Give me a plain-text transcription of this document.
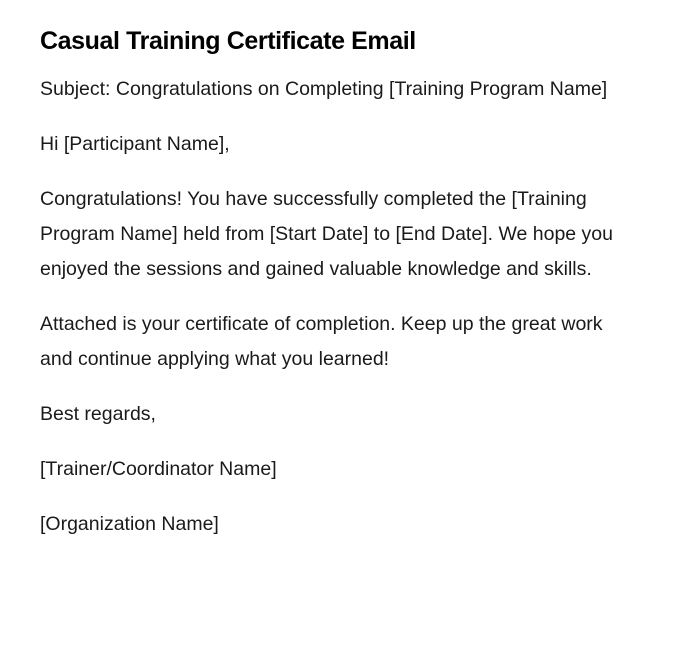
Casual Training Certificate Email

Subject: Congratulations on Completing [Training Program Name]

Hi [Participant Name],

Congratulations! You have successfully completed the [Training Program Name] held from [Start Date] to [End Date]. We hope you enjoyed the sessions and gained valuable knowledge and skills.

Attached is your certificate of completion. Keep up the great work and continue applying what you learned!

Best regards,

[Trainer/Coordinator Name]

[Organization Name]
